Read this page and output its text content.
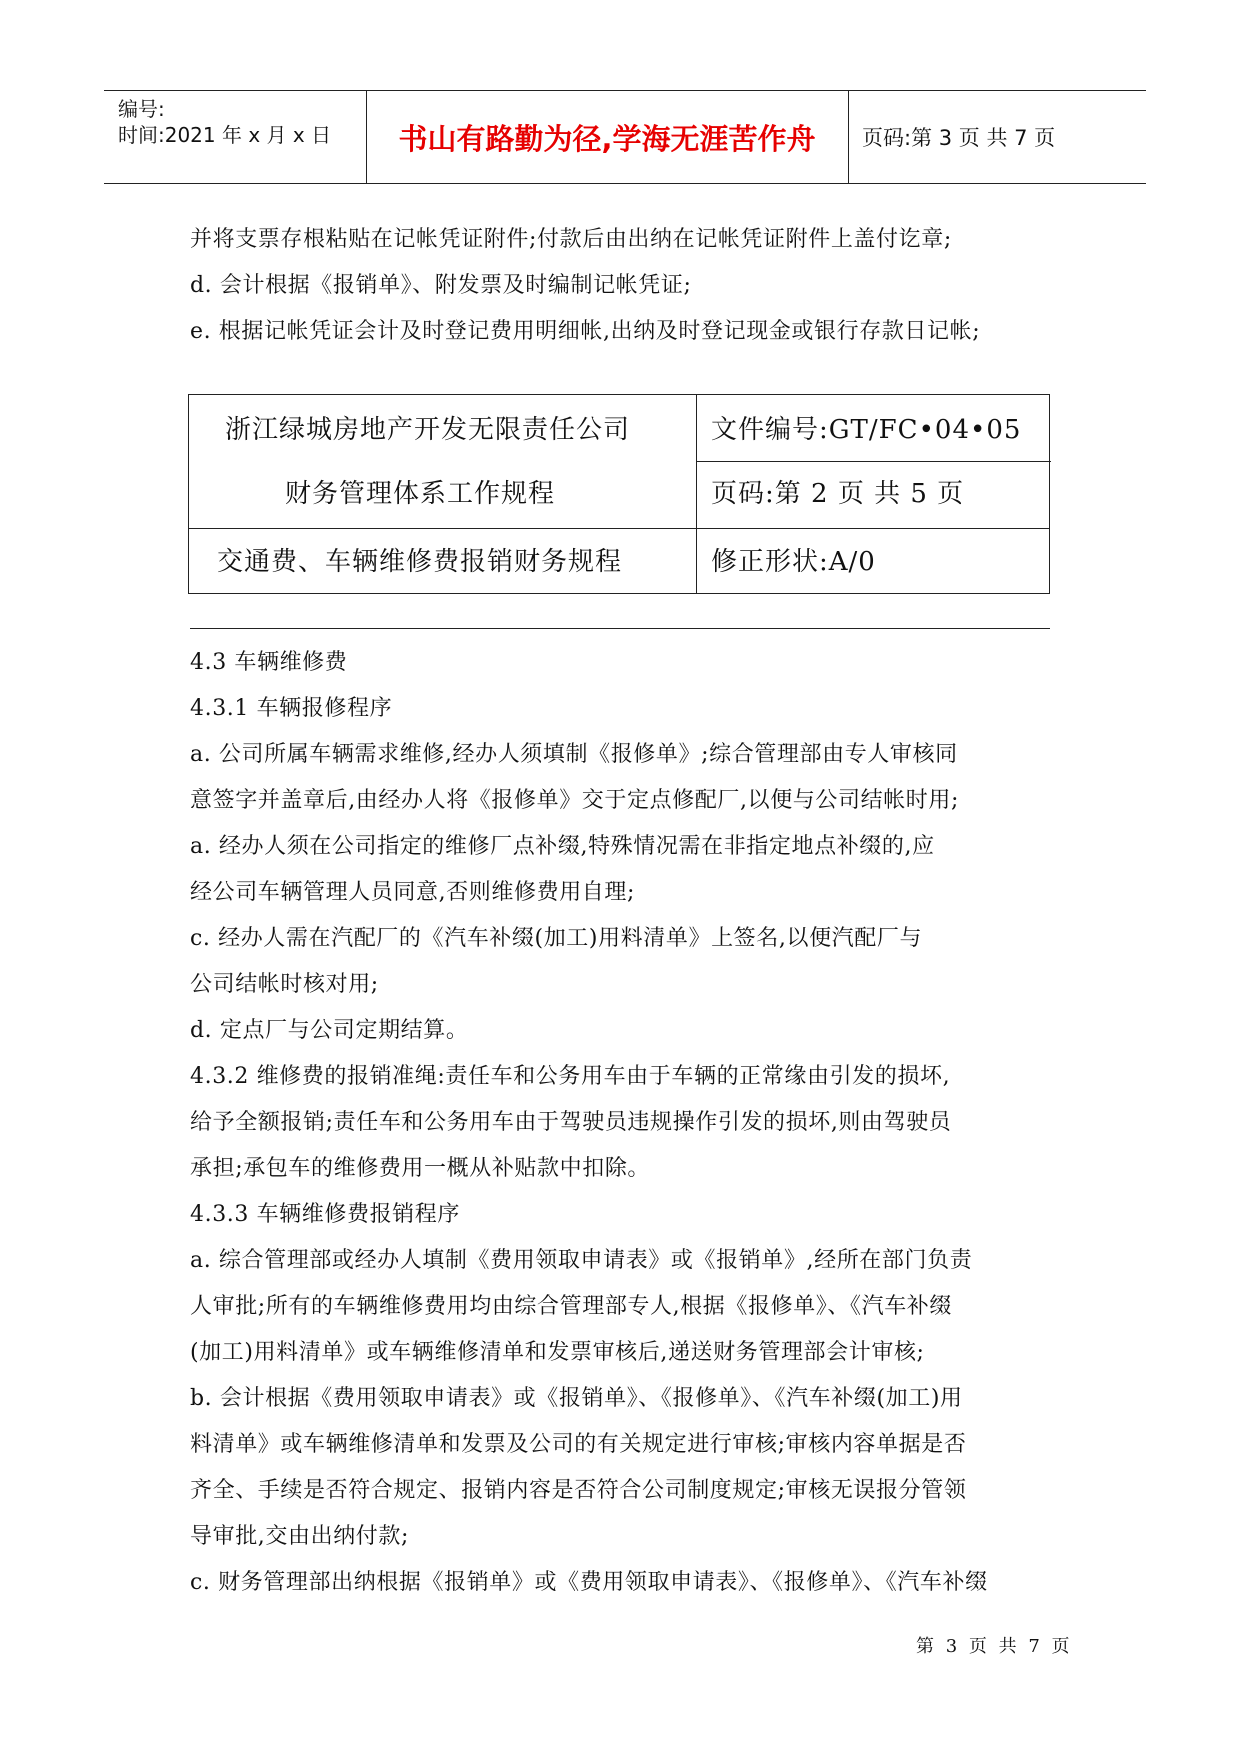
编号:
时间:2021 年 x 月 x 日	书山有路勤为径,学海无涯苦作舟	页码:第 3 页 共 7 页
并将支票存根粘贴在记帐凭证附件;付款后由出纳在记帐凭证附件上盖付讫章;
d. 会计根据《报销单》、附发票及时编制记帐凭证;
e. 根据记帐凭证会计及时登记费用明细帐,出纳及时登记现金或银行存款日记帐;
浙江绿城房地产开发无限责任公司
财务管理体系工作规程
交通费、车辆维修费报销财务规程
文件编号:GT/FC•04•05
页码:第 2 页 共 5 页
修正形状:A/0
4.3 车辆维修费
4.3.1 车辆报修程序
a. 公司所属车辆需求维修,经办人须填制《报修单》;综合管理部由专人审核同
意签字并盖章后,由经办人将《报修单》交于定点修配厂,以便与公司结帐时用;
a. 经办人须在公司指定的维修厂点补缀,特殊情况需在非指定地点补缀的,应
经公司车辆管理人员同意,否则维修费用自理;
c. 经办人需在汽配厂的《汽车补缀(加工)用料清单》上签名,以便汽配厂与
公司结帐时核对用;
d. 定点厂与公司定期结算。
4.3.2 维修费的报销准绳:责任车和公务用车由于车辆的正常缘由引发的损坏,
给予全额报销;责任车和公务用车由于驾驶员违规操作引发的损坏,则由驾驶员
承担;承包车的维修费用一概从补贴款中扣除。
4.3.3 车辆维修费报销程序
a. 综合管理部或经办人填制《费用领取申请表》或《报销单》,经所在部门负责
人审批;所有的车辆维修费用均由综合管理部专人,根据《报修单》、《汽车补缀
(加工)用料清单》或车辆维修清单和发票审核后,递送财务管理部会计审核;
b. 会计根据《费用领取申请表》或《报销单》、《报修单》、《汽车补缀(加工)用
料清单》或车辆维修清单和发票及公司的有关规定进行审核;审核内容单据是否
齐全、手续是否符合规定、报销内容是否符合公司制度规定;审核无误报分管领
导审批,交由出纳付款;
c. 财务管理部出纳根据《报销单》或《费用领取申请表》、《报修单》、《汽车补缀
第 3 页 共 7 页
